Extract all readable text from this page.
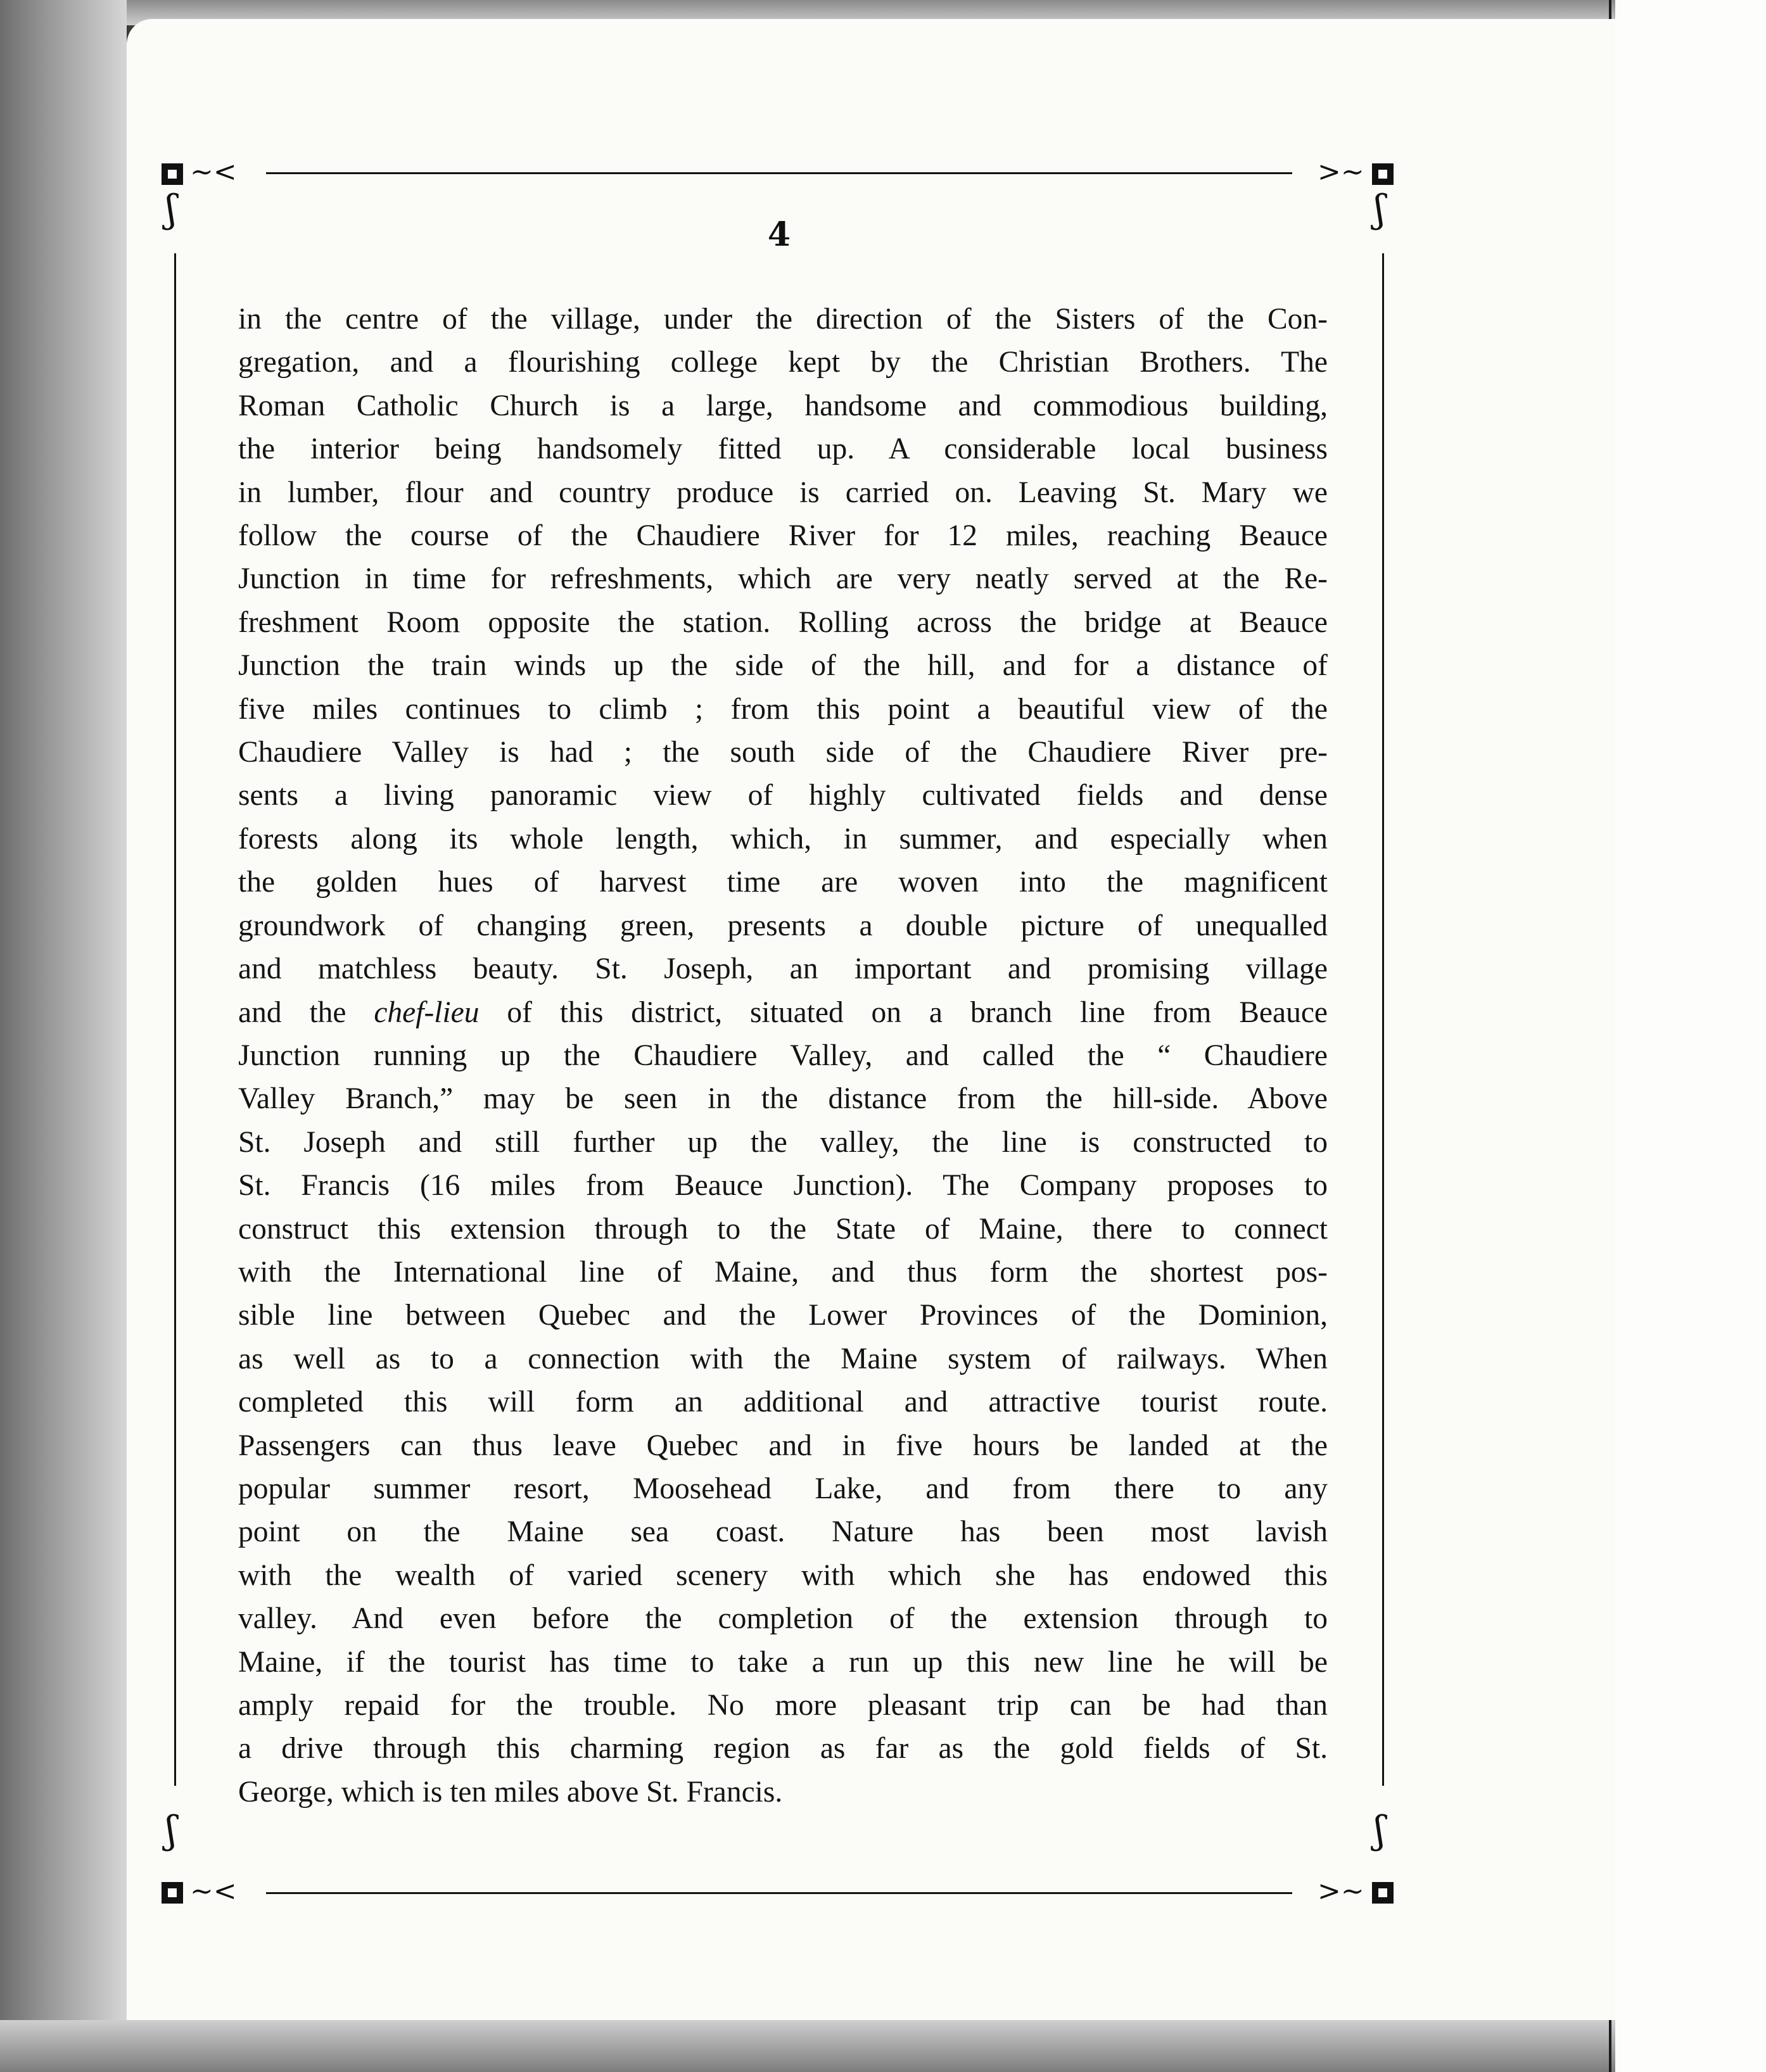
~<	>~
~<	>~
ʃ	ʃ
ʃ	ʃ
4
in the centre of the village, under the direction of the Sisters of the Con-
gregation, and a flourishing college kept by the Christian Brothers. The
Roman Catholic Church is a large, handsome and commodious building,
the interior being handsomely fitted up. A considerable local business
in lumber, flour and country produce is carried on. Leaving St. Mary we
follow the course of the Chaudiere River for 12 miles, reaching Beauce
Junction in time for refreshments, which are very neatly served at the Re-
freshment Room opposite the station. Rolling across the bridge at Beauce
Junction the train winds up the side of the hill, and for a distance of
five miles continues to climb ; from this point a beautiful view of the
Chaudiere Valley is had ; the south side of the Chaudiere River pre-
sents a living panoramic view of highly cultivated fields and dense
forests along its whole length, which, in summer, and especially when
the golden hues of harvest time are woven into the magnificent
groundwork of changing green, presents a double picture of unequalled
and matchless beauty. St. Joseph, an important and promising village
and the chef-lieu of this district, situated on a branch line from Beauce
Junction running up the Chaudiere Valley, and called the “ Chaudiere
Valley Branch,” may be seen in the distance from the hill-side. Above
St. Joseph and still further up the valley, the line is constructed to
St. Francis (16 miles from Beauce Junction). The Company proposes to
construct this extension through to the State of Maine, there to connect
with the International line of Maine, and thus form the shortest pos-
sible line between Quebec and the Lower Provinces of the Dominion,
as well as to a connection with the Maine system of railways. When
completed this will form an additional and attractive tourist route.
Passengers can thus leave Quebec and in five hours be landed at the
popular summer resort, Moosehead Lake, and from there to any
point on the Maine sea coast. Nature has been most lavish
with the wealth of varied scenery with which she has endowed this
valley. And even before the completion of the extension through to
Maine, if the tourist has time to take a run up this new line he will be
amply repaid for the trouble. No more pleasant trip can be had than
a drive through this charming region as far as the gold fields of St.
George, which is ten miles above St. Francis.
